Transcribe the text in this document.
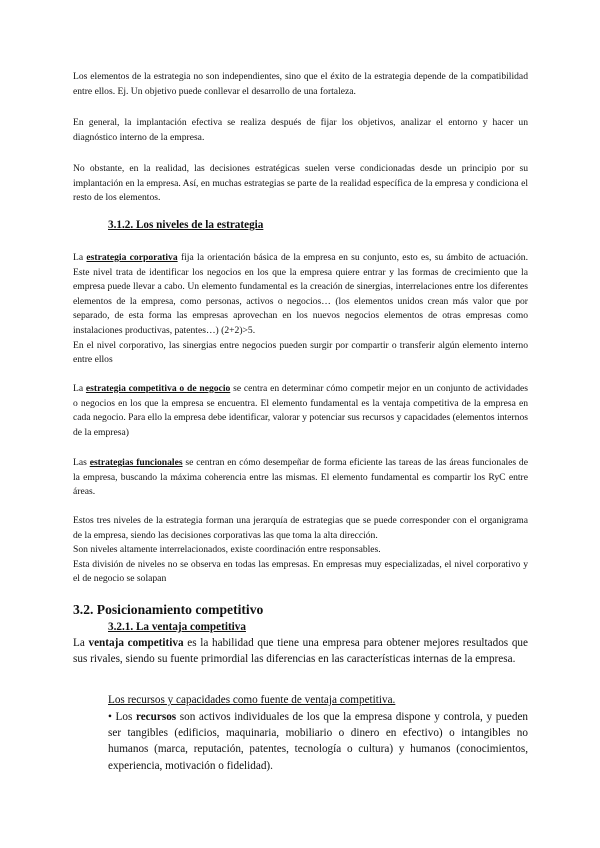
Los elementos de la estrategia no son independientes, sino que el éxito de la estrategia depende de la compatibilidad entre ellos. Ej. Un objetivo puede conllevar el desarrollo de una fortaleza.

En general, la implantación efectiva se realiza después de fijar los objetivos, analizar el entorno y hacer un diagnóstico interno de la empresa.

No obstante, en la realidad, las decisiones estratégicas suelen verse condicionadas desde un principio por su implantación en la empresa. Así, en muchas estrategias se parte de la realidad específica de la empresa y condiciona el resto de los elementos.

3.1.2. Los niveles de la estrategia

La estrategia corporativa fija la orientación básica de la empresa en su conjunto, esto es, su ámbito de actuación. Este nivel trata de identificar los negocios en los que la empresa quiere entrar y las formas de crecimiento que la empresa puede llevar a cabo. Un elemento fundamental es la creación de sinergias, interrelaciones entre los diferentes elementos de la empresa, como personas, activos o negocios… (los elementos unidos crean más valor que por separado, de esta forma las empresas aprovechan en los nuevos negocios elementos de otras empresas como instalaciones productivas, patentes…) (2+2)>5.
En el nivel corporativo, las sinergias entre negocios pueden surgir por compartir o transferir algún elemento interno entre ellos

La estrategia competitiva o de negocio se centra en determinar cómo competir mejor en un conjunto de actividades o negocios en los que la empresa se encuentra. El elemento fundamental es la ventaja competitiva de la empresa en cada negocio. Para ello la empresa debe identificar, valorar y potenciar sus recursos y capacidades (elementos internos de la empresa)

Las estrategias funcionales se centran en cómo desempeñar de forma eficiente las tareas de las áreas funcionales de la empresa, buscando la máxima coherencia entre las mismas. El elemento fundamental es compartir los RyC entre áreas.

Estos tres niveles de la estrategia forman una jerarquía de estrategias que se puede corresponder con el organigrama de la empresa, siendo las decisiones corporativas las que toma la alta dirección.
Son niveles altamente interrelacionados, existe coordinación entre responsables.
Esta división de niveles no se observa en todas las empresas. En empresas muy especializadas, el nivel corporativo y el de negocio se solapan

3.2. Posicionamiento competitivo
3.2.1. La ventaja competitiva

La ventaja competitiva es la habilidad que tiene una empresa para obtener mejores resultados que sus rivales, siendo su fuente primordial las diferencias en las características internas de la empresa.

Los recursos y capacidades como fuente de ventaja competitiva.

• Los recursos son activos individuales de los que la empresa dispone y controla, y pueden ser tangibles (edificios, maquinaria, mobiliario o dinero en efectivo) o intangibles no humanos (marca, reputación, patentes, tecnología o cultura) y humanos (conocimientos, experiencia, motivación o fidelidad).
